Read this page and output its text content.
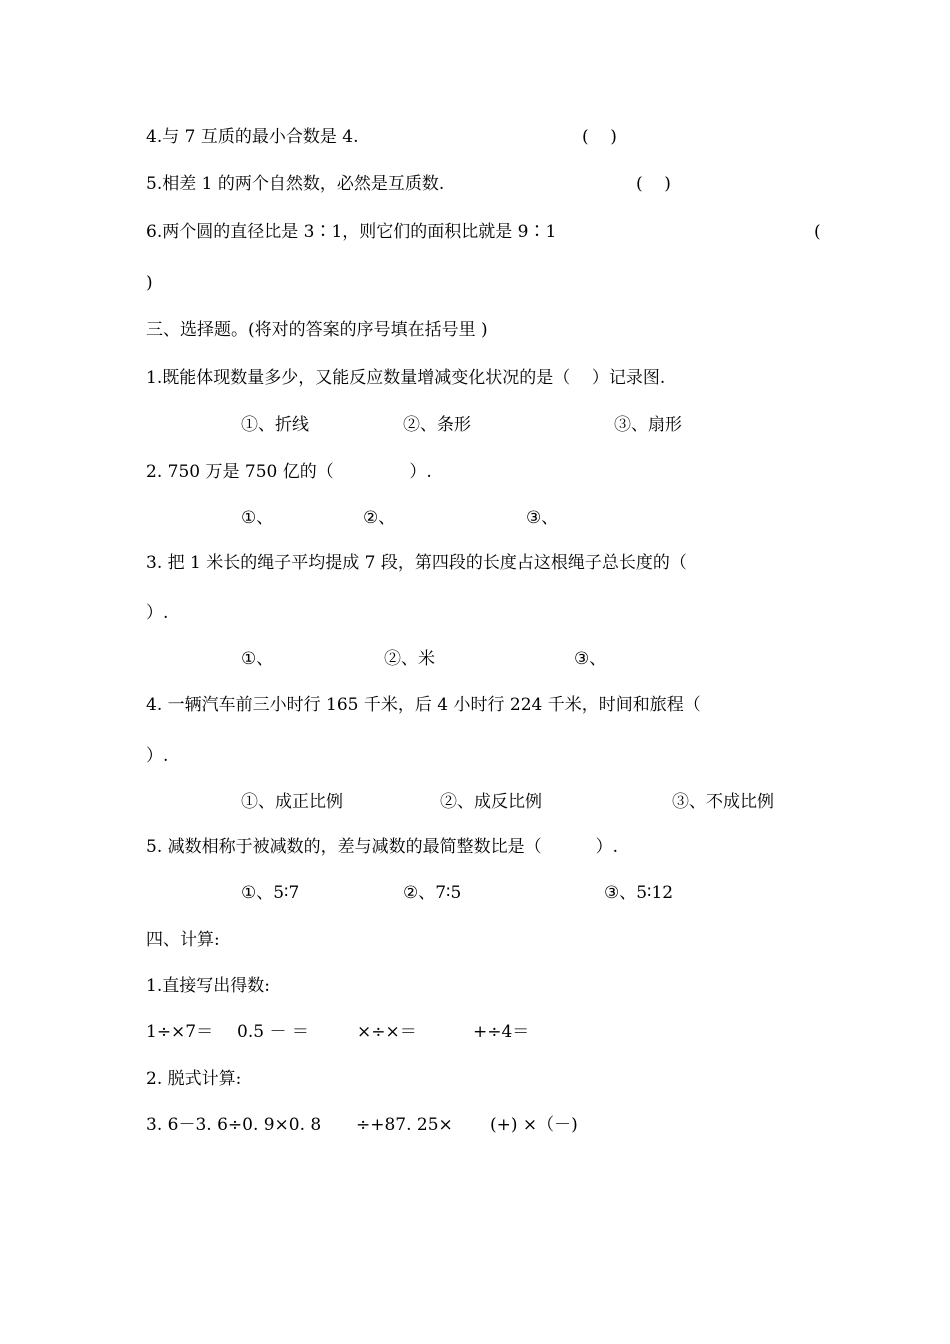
4.与 7 互质的最小合数是 4.	(    )
5.相差 1 的两个自然数，必然是互质数.	(    )
6.两个圆的直径比是 3∶1，则它们的面积比就是 9∶1	(
)
三、选择题。(将对的答案的序号填在括号里 )
1.既能体现数量多少，又能反应数量增减变化状况的是（    ）记录图.
①、折线	②、条形	③、扇形
2. 750 万是 750 亿的（              ）.
①、	②、	③、
3. 把 1 米长的绳子平均提成 7 段，第四段的长度占这根绳子总长度的（
）.
①、	②、米	③、
4. 一辆汽车前三小时行 165 千米，后 4 小时行 224 千米，时间和旅程（
）.
①、成正比例	②、成反比例	③、不成比例
5. 减数相称于被减数的，差与减数的最简整数比是（          ）.
①、5∶7	②、7∶5	③、5∶12
四、计算:
1.直接写出得数:
1÷×7＝ 0.5 － ＝	×÷×＝	+÷4＝
2. 脱式计算:
3. 6－3. 6÷0. 9×0. 8 ÷+87. 25× (+) ×（－)
